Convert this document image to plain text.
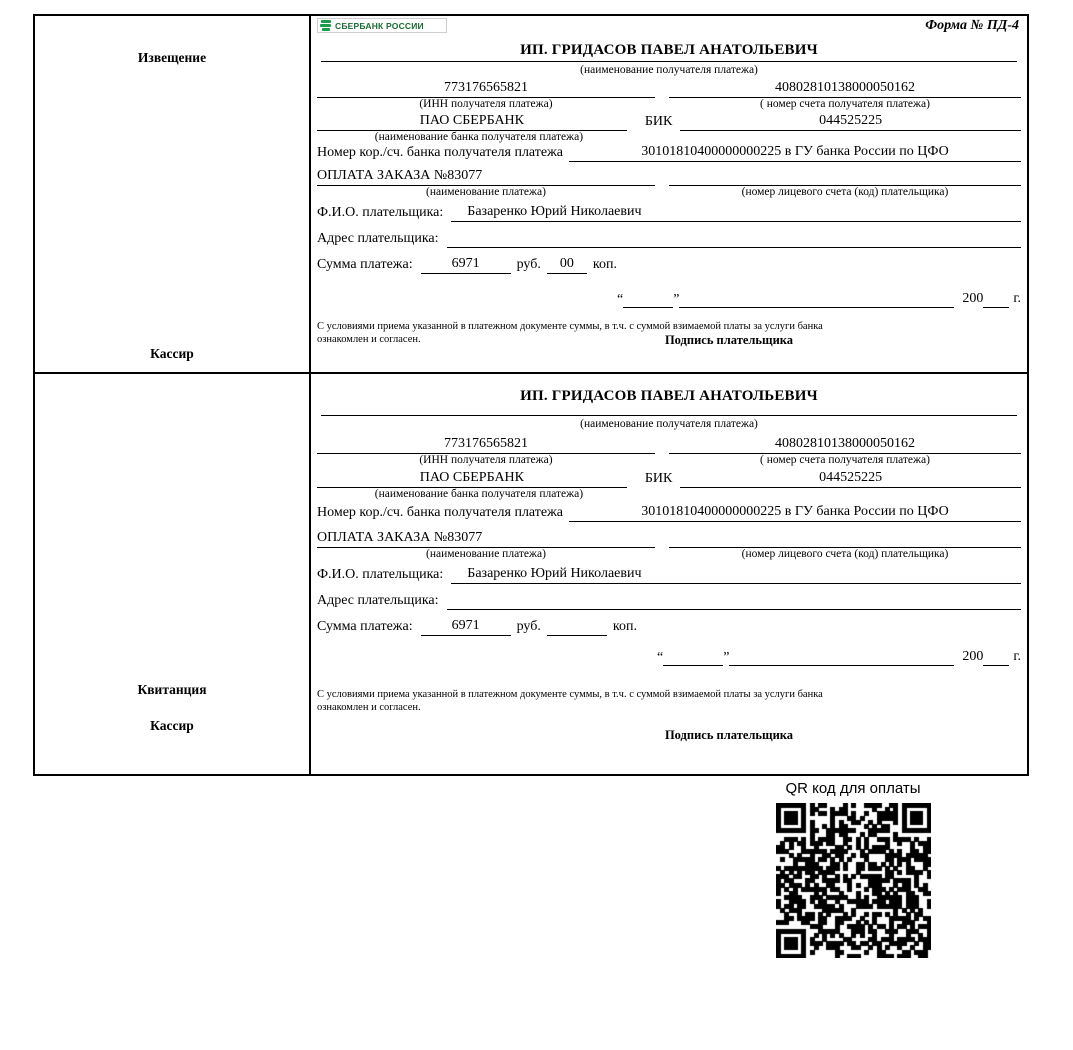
Извещение
Кассир
СБЕРБАНК РОССИИ	Форма № ПД-4
ИП. ГРИДАСОВ ПАВЕЛ АНАТОЛЬЕВИЧ
(наименование получателя платежа)
773176565821
(ИНН получателя платежа)
40802810138000050162
( номер счета получателя платежа)
ПАО СБЕРБАНК	БИК	044525225
(наименование банка получателя платежа)
Номер кор./сч. банка получателя платежа	30101810400000000225 в ГУ банка России по ЦФО
ОПЛАТА ЗАКАЗА №83077
(наименование платежа)
	(номер лицевого счета (код) плательщика)
Ф.И.О. плательщика:	Базаренко Юрий Николаевич
Адрес плательщика:

Сумма платежа:	6971	руб.	00	коп.
“
	”
	200
г.
С условиями приема указанной в платежном документе суммы, в т.ч. с суммой взимаемой платы за услуги банка
ознакомлен и согласен.	Подпись плательщика
Квитанция
Кассир
ИП. ГРИДАСОВ ПАВЕЛ АНАТОЛЬЕВИЧ
(наименование получателя платежа)
773176565821
(ИНН получателя платежа)
40802810138000050162
( номер счета получателя платежа)
ПАО СБЕРБАНК	БИК	044525225
(наименование банка получателя платежа)
Номер кор./сч. банка получателя платежа	30101810400000000225 в ГУ банка России по ЦФО
ОПЛАТА ЗАКАЗА №83077
(наименование платежа)
	(номер лицевого счета (код) плательщика)
Ф.И.О. плательщика:	Базаренко Юрий Николаевич
Адрес плательщика:

Сумма платежа:	6971	руб.
	коп.
“
	”
	200
г.
С условиями приема указанной в платежном документе суммы, в т.ч. с суммой взимаемой платы за услуги банка
ознакомлен и согласен.
Подпись плательщика
QR код для оплаты
